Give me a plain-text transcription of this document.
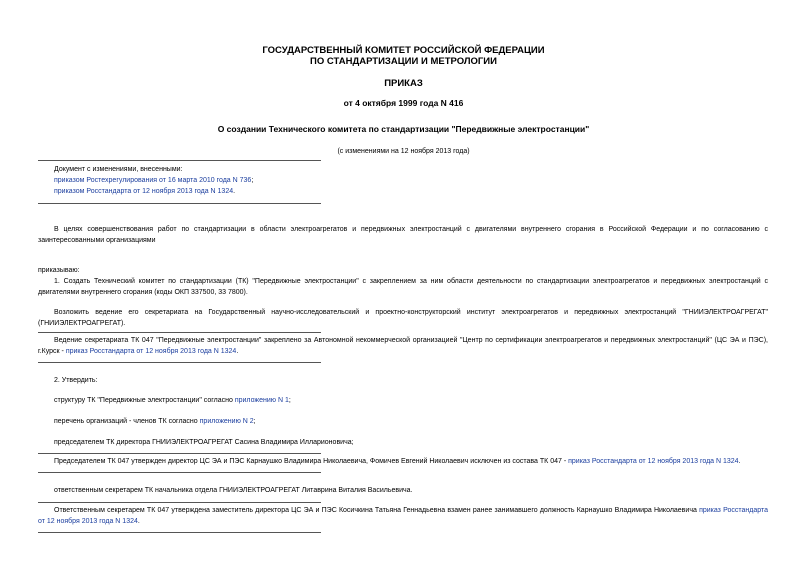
ГОСУДАРСТВЕННЫЙ КОМИТЕТ РОССИЙСКОЙ ФЕДЕРАЦИИ
ПО СТАНДАРТИЗАЦИИ И МЕТРОЛОГИИ
ПРИКАЗ
от 4 октября 1999 года N 416
О создании Технического комитета по стандартизации "Передвижные электростанции"
(с изменениями на 12 ноября 2013 года)
Документ с изменениями, внесенными:
приказом Ростехрегулирования от 16 марта 2010 года N 736;
приказом Росстандарта от 12 ноября 2013 года N 1324.
В целях совершенствования работ по стандартизации в области электроагрегатов и передвижных электростанций с двигателями внутреннего сгорания в Российской Федерации и по согласованию с заинтересованными организациями
приказываю:
1. Создать Технический комитет по стандартизации (ТК) "Передвижные электростанции" с закреплением за ним области деятельности по стандартизации электроагрегатов и передвижных электростанций с двигателями внутреннего сгорания (коды ОКП 337500, 33 7800).
Возложить ведение его секретариата на Государственный научно-исследовательский и проектно-конструкторский институт электроагрегатов и передвижных электростанций "ГНИИЭЛЕКТРОАГРЕГАТ" (ГНИИЭЛЕКТРОАГРЕГАТ).
Ведение секретариата ТК 047 "Передвижные электростанции" закреплено за Автономной некоммерческой организацией "Центр по сертификации электроагрегатов и передвижных электростанций" (ЦС ЭА и ПЭС), г.Курск - приказ Росстандарта от 12 ноября 2013 года N 1324.
2. Утвердить:
структуру ТК "Передвижные электростанции" согласно приложению N 1;
перечень организаций - членов ТК согласно приложению N 2;
председателем ТК директора ГНИИЭЛЕКТРОАГРЕГАТ Сасина Владимира Илларионовича;
Председателем ТК 047 утвержден директор ЦС ЭА и ПЭС Карнаушко Владимира Николаевича, Фомичев Евгений Николаевич исключен из состава ТК 047 - приказ Росстандарта от 12 ноября 2013 года N 1324.
ответственным секретарем ТК начальника отдела ГНИИЭЛЕКТРОАГРЕГАТ Литаврина Виталия Васильевича.
Ответственным секретарем ТК 047 утверждена заместитель директора ЦС ЭА и ПЭС Косичкина Татьяна Геннадьевна взамен ранее занимавшего должность Карнаушко Владимира Николаевича приказ Росстандарта от 12 ноября 2013 года N 1324.
